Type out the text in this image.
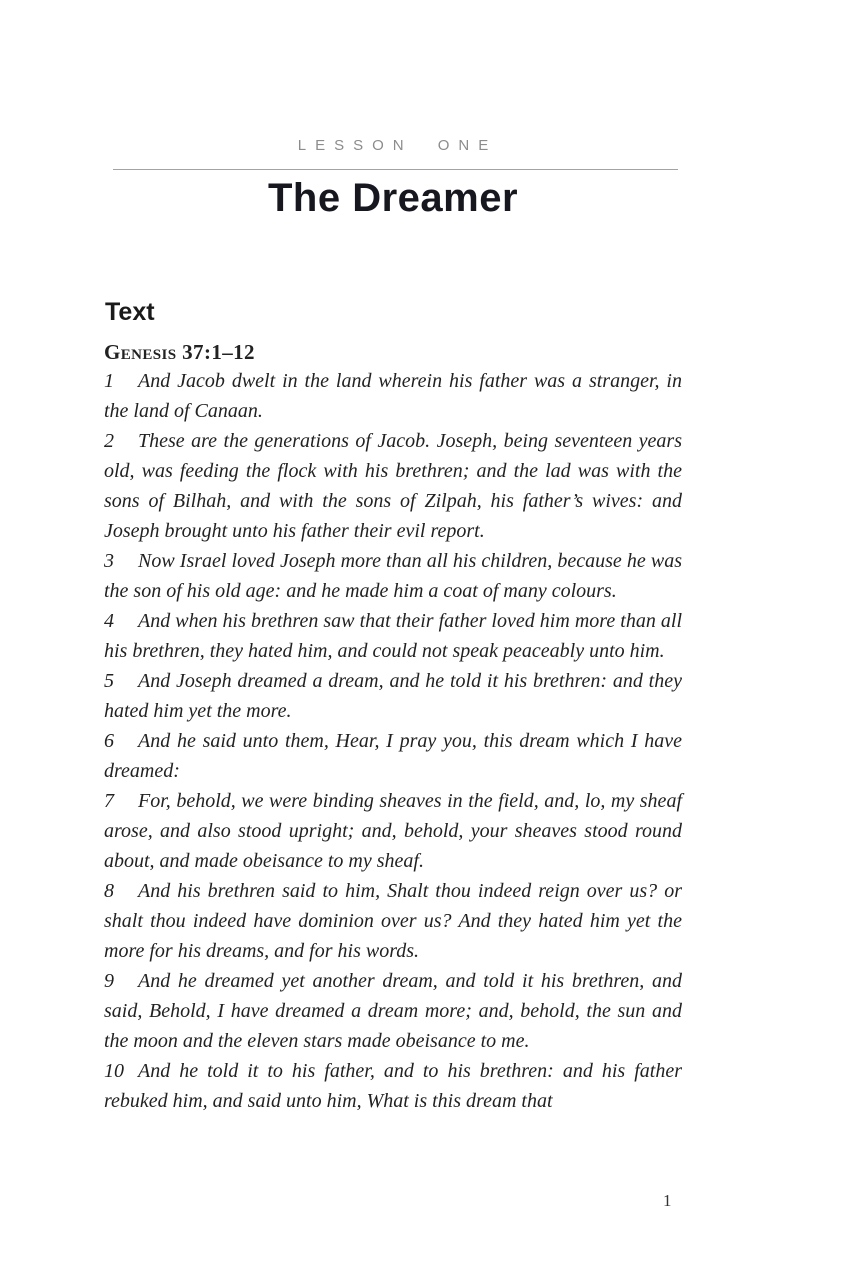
LESSON ONE
The Dreamer
Text
Genesis 37:1–12

1 And Jacob dwelt in the land wherein his father was a stranger, in the land of Canaan.

2 These are the generations of Jacob. Joseph, being seventeen years old, was feeding the flock with his brethren; and the lad was with the sons of Bilhah, and with the sons of Zilpah, his father’s wives: and Joseph brought unto his father their evil report.

3 Now Israel loved Joseph more than all his children, because he was the son of his old age: and he made him a coat of many colours.

4 And when his brethren saw that their father loved him more than all his brethren, they hated him, and could not speak peaceably unto him.

5 And Joseph dreamed a dream, and he told it his brethren: and they hated him yet the more.

6 And he said unto them, Hear, I pray you, this dream which I have dreamed:

7 For, behold, we were binding sheaves in the field, and, lo, my sheaf arose, and also stood upright; and, behold, your sheaves stood round about, and made obeisance to my sheaf.

8 And his brethren said to him, Shalt thou indeed reign over us? or shalt thou indeed have dominion over us? And they hated him yet the more for his dreams, and for his words.

9 And he dreamed yet another dream, and told it his brethren, and said, Behold, I have dreamed a dream more; and, behold, the sun and the moon and the eleven stars made obeisance to me.

10 And he told it to his father, and to his brethren: and his father rebuked him, and said unto him, What is this dream that

1
